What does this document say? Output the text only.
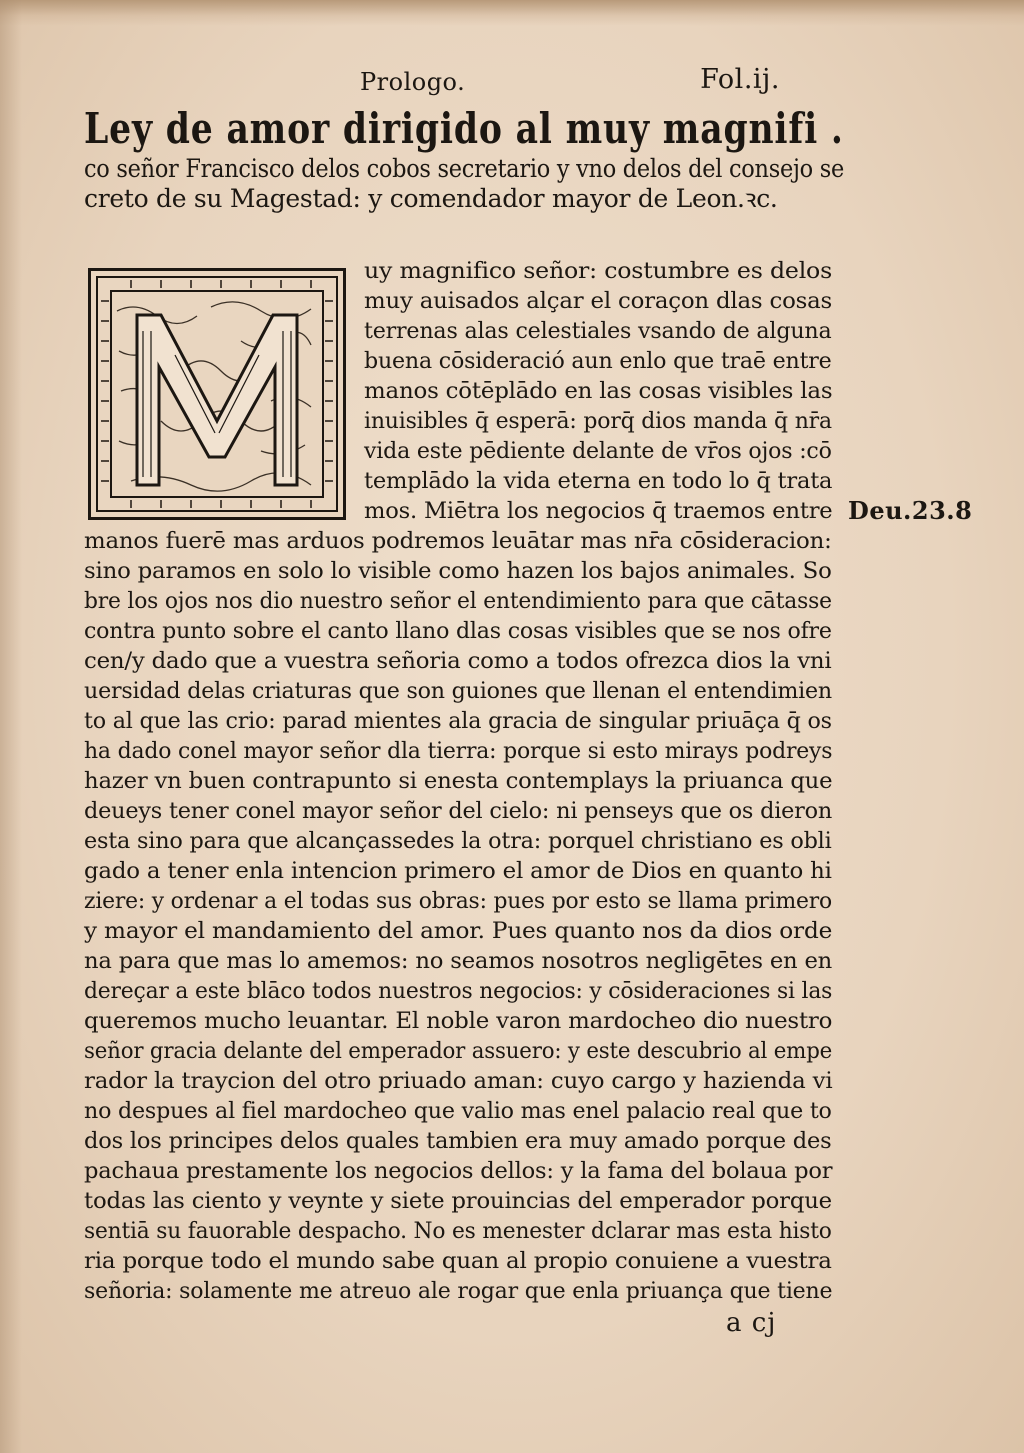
Prologo.	Fol.ij.
Ley de amor dirigido al muy magnifi .
co señor Francisco delos cobos secretario y vno delos del consejo se
creto de su Magestad: y comendador mayor de Leon.ꝛc.
uy magnifico señor: costumbre es delos
muy auisados alçar el coraçon dlas cosas
terrenas alas celestiales vsando de alguna
buena cōsideració aun enlo que traē entre
manos cōtēplādo en las cosas visibles las
inuisibles q̄ esperā: porq̄ dios manda q̄ nr̄a
vida este pēdiente delante de vr̄os ojos :cō
templādo la vida eterna en todo lo q̄ trata
mos. Miētra los negocios q̄ traemos entre
manos fuerē mas arduos podremos leuātar mas nr̄a cōsideracion:
sino paramos en solo lo visible como hazen los bajos animales. So
bre los ojos nos dio nuestro señor el entendimiento para que cātasse
contra punto sobre el canto llano dlas cosas visibles que se nos ofre
cen/y dado que a vuestra señoria como a todos ofrezca dios la vni
uersidad delas criaturas que son guiones que llenan el entendimien
to al que las crio: parad mientes ala gracia de singular priuāça q̄ os
ha dado conel mayor señor dla tierra: porque si esto mirays podreys
hazer vn buen contrapunto si enesta contemplays la priuanca que
deueys tener conel mayor señor del cielo: ni penseys que os dieron
esta sino para que alcançassedes la otra: porquel christiano es obli
gado a tener enla intencion primero el amor de Dios en quanto hi
ziere: y ordenar a el todas sus obras: pues por esto se llama primero
y mayor el mandamiento del amor. Pues quanto nos da dios orde
na para que mas lo amemos: no seamos nosotros negligētes en en
dereçar a este blāco todos nuestros negocios: y cōsideraciones si las
queremos mucho leuantar. El noble varon mardocheo dio nuestro
señor gracia delante del emperador assuero: y este descubrio al empe
rador la traycion del otro priuado aman: cuyo cargo y hazienda vi
no despues al fiel mardocheo que valio mas enel palacio real que to
dos los principes delos quales tambien era muy amado porque des
pachaua prestamente los negocios dellos: y la fama del bolaua por
todas las ciento y veynte y siete prouincias del emperador porque
sentiā su fauorable despacho. No es menester dclarar mas esta histo
ria porque todo el mundo sabe quan al propio conuiene a vuestra
señoria: solamente me atreuo ale rogar que enla priuança que tiene
Deu.23.8
a cj
